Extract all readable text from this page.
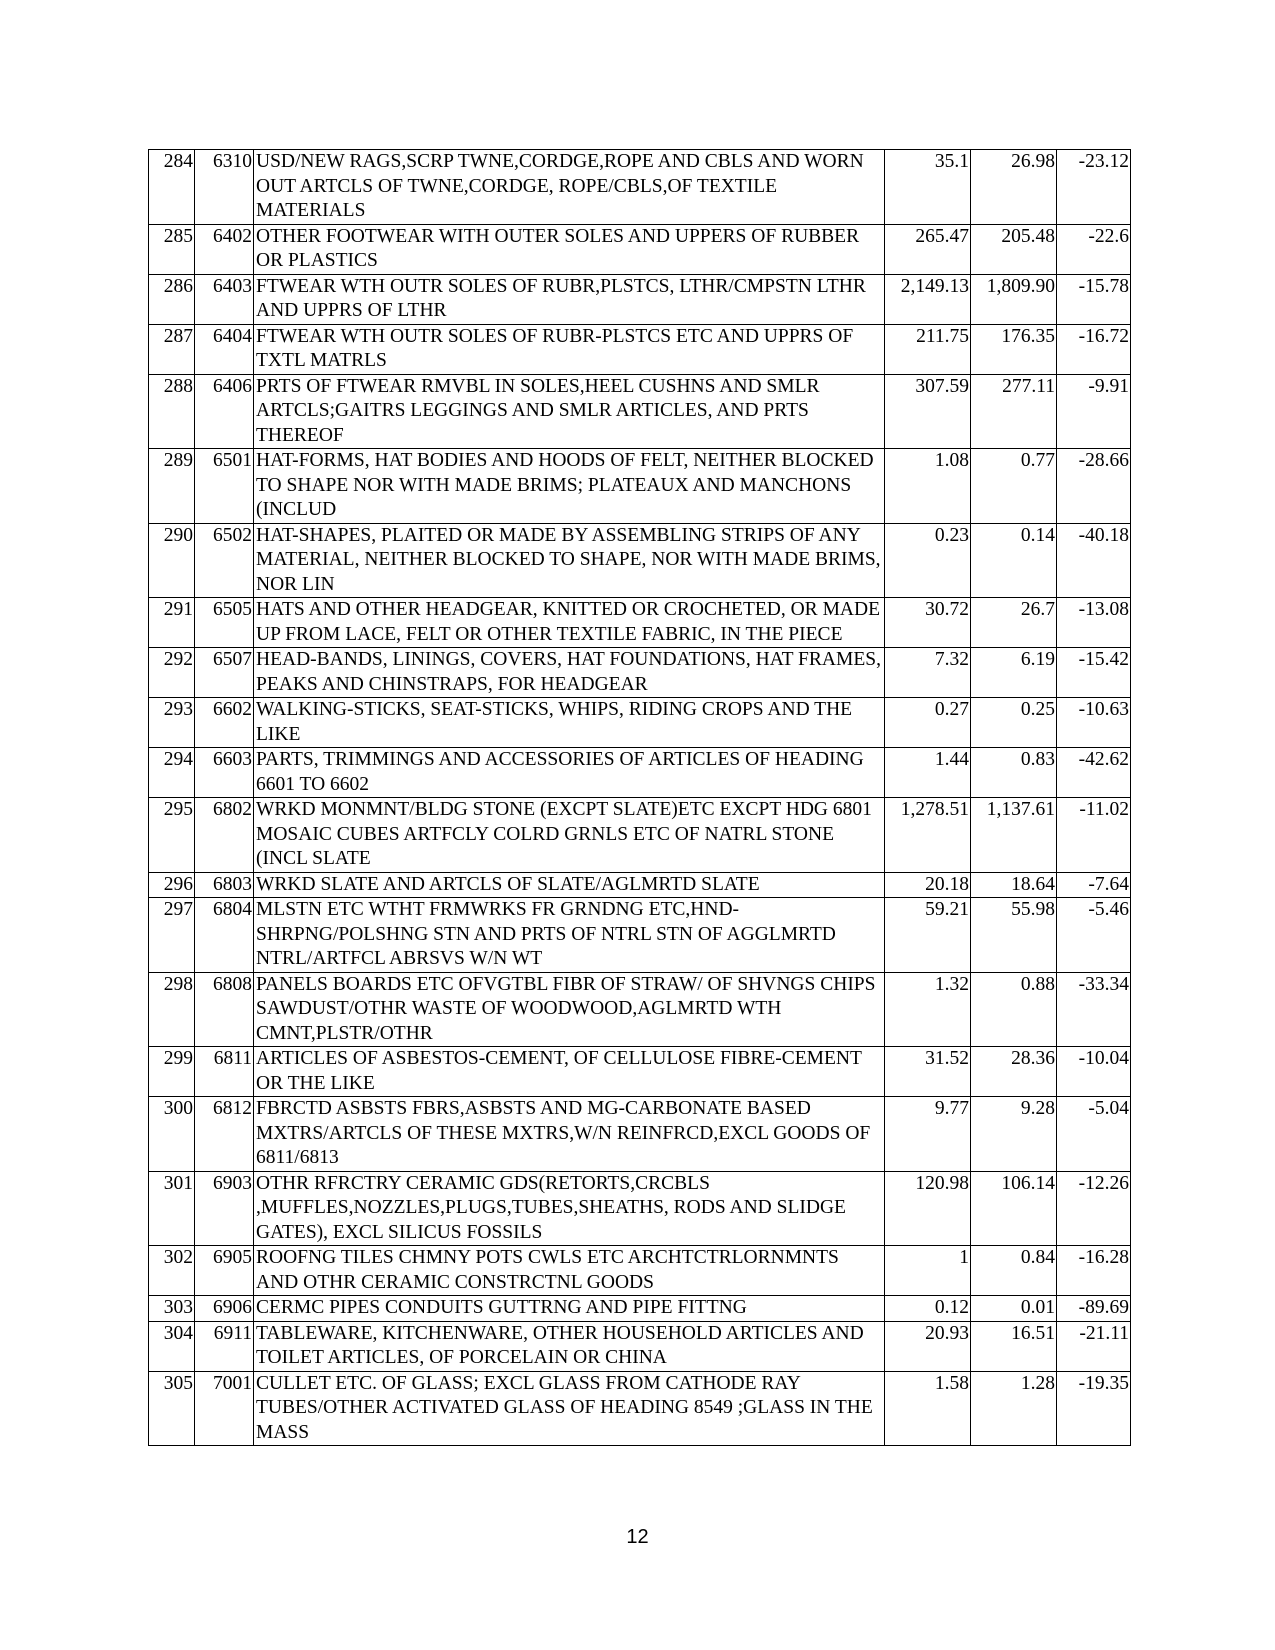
284	6310	USD/NEW RAGS,SCRP TWNE,CORDGE,ROPE AND CBLS AND WORN OUT ARTCLS OF TWNE,CORDGE, ROPE/CBLS,OF TEXTILE MATERIALS	35.1	26.98	-23.12
285	6402	OTHER FOOTWEAR WITH OUTER SOLES AND UPPERS OF RUBBER OR PLASTICS	265.47	205.48	-22.6
286	6403	FTWEAR WTH OUTR SOLES OF RUBR,PLSTCS, LTHR/CMPSTN LTHR AND UPPRS OF LTHR	2,149.13	1,809.90	-15.78
287	6404	FTWEAR WTH OUTR SOLES OF RUBR-PLSTCS ETC AND UPPRS OF TXTL MATRLS	211.75	176.35	-16.72
288	6406	PRTS OF FTWEAR RMVBL IN SOLES,HEEL CUSHNS AND SMLR ARTCLS;GAITRS LEGGINGS AND SMLR ARTICLES, AND PRTS THEREOF	307.59	277.11	-9.91
289	6501	HAT-FORMS, HAT BODIES AND HOODS OF FELT, NEITHER BLOCKED TO SHAPE NOR WITH MADE BRIMS; PLATEAUX AND MANCHONS (INCLUD	1.08	0.77	-28.66
290	6502	HAT-SHAPES, PLAITED OR MADE BY ASSEMBLING STRIPS OF ANY MATERIAL, NEITHER BLOCKED TO SHAPE, NOR WITH MADE BRIMS, NOR LIN	0.23	0.14	-40.18
291	6505	HATS AND OTHER HEADGEAR, KNITTED OR CROCHETED, OR MADE UP FROM LACE, FELT OR OTHER TEXTILE FABRIC, IN THE PIECE	30.72	26.7	-13.08
292	6507	HEAD-BANDS, LININGS, COVERS, HAT FOUNDATIONS, HAT FRAMES, PEAKS AND CHINSTRAPS, FOR HEADGEAR	7.32	6.19	-15.42
293	6602	WALKING-STICKS, SEAT-STICKS, WHIPS, RIDING CROPS AND THE LIKE	0.27	0.25	-10.63
294	6603	PARTS, TRIMMINGS AND ACCESSORIES OF ARTICLES OF HEADING 6601 TO 6602	1.44	0.83	-42.62
295	6802	WRKD MONMNT/BLDG STONE (EXCPT SLATE)ETC EXCPT HDG 6801 MOSAIC CUBES ARTFCLY COLRD GRNLS ETC OF NATRL STONE (INCL SLATE	1,278.51	1,137.61	-11.02
296	6803	WRKD SLATE AND ARTCLS OF SLATE/AGLMRTD SLATE	20.18	18.64	-7.64
297	6804	MLSTN ETC WTHT FRMWRKS FR GRNDNG ETC,HND-SHRPNG/POLSHNG STN AND PRTS OF NTRL STN OF AGGLMRTD NTRL/ARTFCL ABRSVS W/N WT	59.21	55.98	-5.46
298	6808	PANELS BOARDS ETC OFVGTBL FIBR OF STRAW/ OF SHVNGS CHIPS SAWDUST/OTHR WASTE OF WOODWOOD,AGLMRTD WTH CMNT,PLSTR/OTHR	1.32	0.88	-33.34
299	6811	ARTICLES OF ASBESTOS-CEMENT, OF CELLULOSE FIBRE-CEMENT OR THE LIKE	31.52	28.36	-10.04
300	6812	FBRCTD ASBSTS FBRS,ASBSTS AND MG-CARBONATE BASED MXTRS/ARTCLS OF THESE MXTRS,W/N REINFRCD,EXCL GOODS OF 6811/6813	9.77	9.28	-5.04
301	6903	OTHR RFRCTRY CERAMIC GDS(RETORTS,CRCBLS ,MUFFLES,NOZZLES,PLUGS,TUBES,SHEATHS, RODS AND SLIDGE GATES), EXCL SILICUS FOSSILS	120.98	106.14	-12.26
302	6905	ROOFNG TILES CHMNY POTS CWLS ETC ARCHTCTRLORNMNTS AND OTHR CERAMIC CONSTRCTNL GOODS	1	0.84	-16.28
303	6906	CERMC PIPES CONDUITS GUTTRNG AND PIPE FITTNG	0.12	0.01	-89.69
304	6911	TABLEWARE, KITCHENWARE, OTHER HOUSEHOLD ARTICLES AND TOILET ARTICLES, OF PORCELAIN OR CHINA	20.93	16.51	-21.11
305	7001	CULLET ETC. OF GLASS; EXCL GLASS FROM CATHODE RAY TUBES/OTHER ACTIVATED GLASS OF HEADING 8549 ;GLASS IN THE MASS	1.58	1.28	-19.35
12
